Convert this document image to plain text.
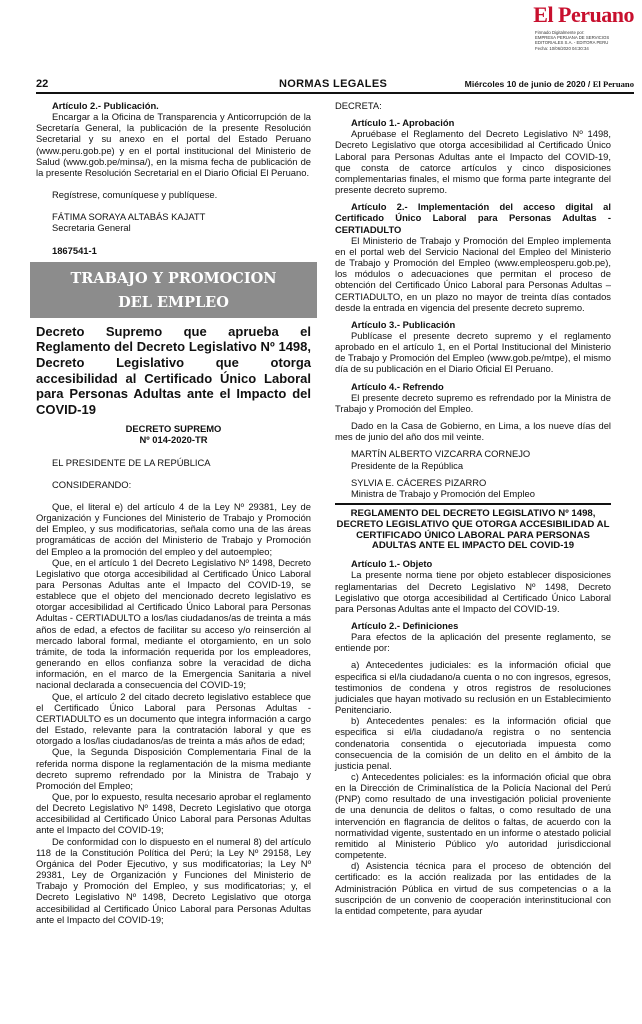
El Peruano
Firmado Digitalmente por:
EMPRESA PERUANA DE SERVICIOS
EDITORIALES S.A. - EDITORA PERU
Fecha: 10/06/2020 04:30:34
22	NORMAS LEGALES	Miércoles 10 de junio de 2020 / El Peruano

Artículo 2.- Publicación.

Encargar a la Oficina de Transparencia y Anticorrupción de la Secretaría General, la publicación de la presente Resolución Secretarial y su anexo en el portal del Estado Peruano (www.peru.gob.pe) y en el portal institucional del Ministerio de Salud (www.gob.pe/minsa/), en la misma fecha de publicación de la presente Resolución Secretarial en el Diario Oficial El Peruano.

Regístrese, comuníquese y publíquese.

FÁTIMA SORAYA ALTABÁS KAJATT

Secretaria General

1867541-1

TRABAJO Y PROMOCION
DEL EMPLEO

Decreto Supremo que aprueba el Reglamento del Decreto Legislativo Nº 1498, Decreto Legislativo que otorga accesibilidad al Certificado Único Laboral para Personas Adultas ante el Impacto del COVID-19

DECRETO SUPREMO

Nº 014-2020-TR

EL PRESIDENTE DE LA REPÚBLICA

CONSIDERANDO:

Que, el literal e) del artículo 4 de la Ley Nº 29381, Ley de Organización y Funciones del Ministerio de Trabajo y Promoción del Empleo, y sus modificatorias, señala como una de las áreas programáticas de acción del Ministerio de Trabajo y Promoción del Empleo a la promoción del empleo y del autoempleo;

Que, en el artículo 1 del Decreto Legislativo Nº 1498, Decreto Legislativo que otorga accesibilidad al Certificado Único Laboral para Personas Adultas ante el Impacto del COVID-19, se establece que el objeto del mencionado decreto legislativo es otorgar accesibilidad al Certificado Único Laboral para Personas Adultas - CERTIADULTO a los/las ciudadanos/as de treinta a más años de edad, a efectos de facilitar su acceso y/o reinserción al mercado laboral formal, mediante el otorgamiento, en un solo trámite, de toda la información requerida por los empleadores, generando en ellos confianza sobre la veracidad de dicha información, en el marco de la Emergencia Sanitaria a nivel nacional declarada a consecuencia del COVID-19;

Que, el artículo 2 del citado decreto legislativo establece que el Certificado Único Laboral para Personas Adultas - CERTIADULTO es un documento que integra información a cargo del Estado, relevante para la contratación laboral y que es otorgado a los/las ciudadanos/as de treinta a más años de edad;

Que, la Segunda Disposición Complementaria Final de la referida norma dispone la reglamentación de la misma mediante decreto supremo refrendado por la Ministra de Trabajo y Promoción del Empleo;

Que, por lo expuesto, resulta necesario aprobar el reglamento del Decreto Legislativo Nº 1498, Decreto Legislativo que otorga accesibilidad al Certificado Único Laboral para Personas Adultas ante el Impacto del COVID-19;

De conformidad con lo dispuesto en el numeral 8) del artículo 118 de la Constitución Política del Perú; la Ley Nº 29158, Ley Orgánica del Poder Ejecutivo, y sus modificatorias; la Ley Nº 29381, Ley de Organización y Funciones del Ministerio de Trabajo y Promoción del Empleo, y sus modificatorias; y, el Decreto Legislativo Nº 1498, Decreto Legislativo que otorga accesibilidad al Certificado Único Laboral para Personas Adultas ante el Impacto del COVID-19;

DECRETA:

Artículo 1.- Aprobación

Apruébase el Reglamento del Decreto Legislativo Nº 1498, Decreto Legislativo que otorga accesibilidad al Certificado Único Laboral para Personas Adultas ante el Impacto del COVID-19, que consta de catorce artículos y cinco disposiciones complementarias finales, el mismo que forma parte integrante del presente decreto supremo.

Artículo 2.- Implementación del acceso digital al Certificado Único Laboral para Personas Adultas - CERTIADULTO

El Ministerio de Trabajo y Promoción del Empleo implementa en el portal web del Servicio Nacional del Empleo del Ministerio de Trabajo y Promoción del Empleo (www.empleosperu.gob.pe), los módulos o adecuaciones que permitan el proceso de obtención del Certificado Único Laboral para Personas Adultas – CERTIADULTO, en un plazo no mayor de treinta días contados desde la entrada en vigencia del presente decreto supremo.

Artículo 3.- Publicación

Publícase el presente decreto supremo y el reglamento aprobado en el artículo 1, en el Portal Institucional del Ministerio de Trabajo y Promoción del Empleo (www.gob.pe/mtpe), el mismo día de su publicación en el Diario Oficial El Peruano.

Artículo 4.- Refrendo

El presente decreto supremo es refrendado por la Ministra de Trabajo y Promoción del Empleo.

Dado en la Casa de Gobierno, en Lima, a los nueve días del mes de junio del año dos mil veinte.

MARTÍN ALBERTO VIZCARRA CORNEJO

Presidente de la República

SYLVIA E. CÁCERES PIZARRO

Ministra de Trabajo y Promoción del Empleo

REGLAMENTO DEL DECRETO LEGISLATIVO Nº 1498, DECRETO LEGISLATIVO QUE OTORGA ACCESIBILIDAD AL CERTIFICADO ÚNICO LABORAL PARA PERSONAS ADULTAS ANTE EL IMPACTO DEL COVID-19

Artículo 1.- Objeto

La presente norma tiene por objeto establecer disposiciones reglamentarias del Decreto Legislativo Nº 1498, Decreto Legislativo que otorga accesibilidad al Certificado Único Laboral para Personas Adultas ante el Impacto del COVID-19.

Artículo 2.- Definiciones

Para efectos de la aplicación del presente reglamento, se entiende por:

a) Antecedentes judiciales: es la información oficial que especifica si el/la ciudadano/a cuenta o no con ingresos, egresos, testimonios de condena y otros registros de resoluciones judiciales que hayan motivado su reclusión en un Establecimiento Penitenciario.

b) Antecedentes penales: es la información oficial que especifica si el/la ciudadano/a registra o no sentencia condenatoria consentida o ejecutoriada impuesta como consecuencia de la comisión de un delito en el ámbito de la justicia penal.

c) Antecedentes policiales: es la información oficial que obra en la Dirección de Criminalística de la Policía Nacional del Perú (PNP) como resultado de una investigación policial proveniente de una denuncia de delitos o faltas, o como resultado de una intervención en flagrancia de delitos o faltas, de acuerdo con la normatividad vigente, sustentado en un informe o atestado policial remitido al Ministerio Público y/o autoridad jurisdiccional competente.

d) Asistencia técnica para el proceso de obtención del certificado: es la acción realizada por las entidades de la Administración Pública en virtud de sus competencias o a la suscripción de un convenio de cooperación interinstitucional con la entidad competente, para ayudar
